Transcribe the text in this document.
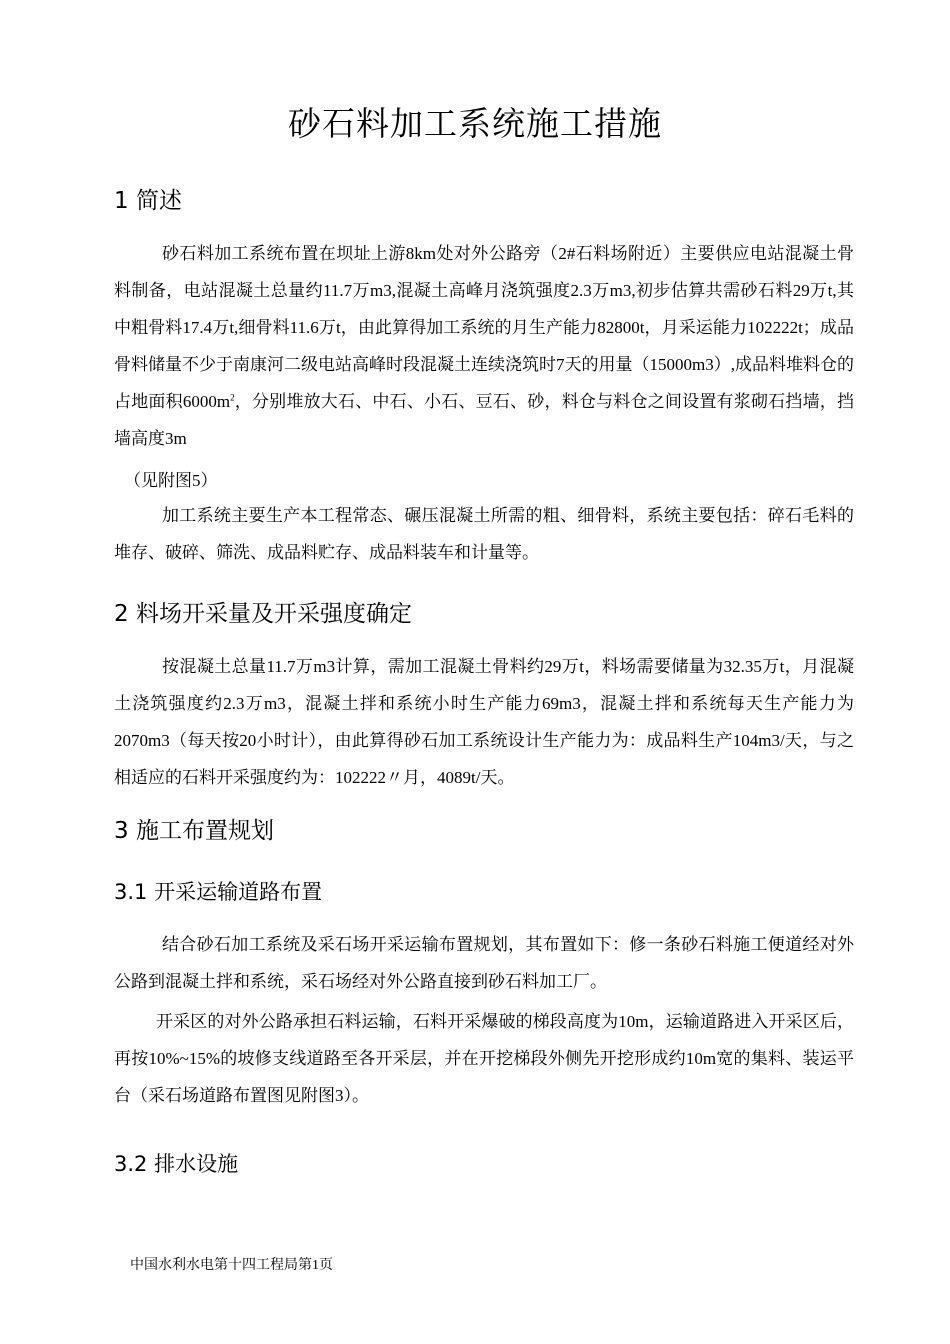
砂石料加工系统施工措施
1 简述

砂石料加工系统布置在坝址上游8km处对外公路旁（2#石料场附近）主要供应电站混凝土骨料制备，电站混凝土总量约11.7万m3,混凝土高峰月浇筑强度2.3万m3,初步估算共需砂石料29万t,其中粗骨料17.4万t,细骨料11.6万t，由此算得加工系统的月生产能力82800t，月采运能力102222t；成品骨料储量不少于南康河二级电站高峰时段混凝土连续浇筑时7天的用量（15000m3）,成品料堆料仓的占地面积$6000m^2$，分别堆放大石、中石、小石、豆石、砂，料仓与料仓之间设置有浆砌石挡墙，挡墙高度3m

（见附图5）

加工系统主要生产本工程常态、碾压混凝土所需的粗、细骨料，系统主要包括：碎石毛料的堆存、破碎、筛洗、成品料贮存、成品料装车和计量等。

2 料场开采量及开采强度确定

按混凝土总量11.7万m3计算，需加工混凝土骨料约29万t，料场需要储量为32.35万t，月混凝土浇筑强度约2.3万m3，混凝土拌和系统小时生产能力69m3，混凝土拌和系统每天生产能力为2070m3（每天按20小时计），由此算得砂石加工系统设计生产能力为：成品料生产104m3/天，与之相适应的石料开采强度约为：102222〃月，4089t/天。

3 施工布置规划
3.1 开采运输道路布置

结合砂石加工系统及采石场开采运输布置规划，其布置如下：修一条砂石料施工便道经对外公路到混凝土拌和系统，采石场经对外公路直接到砂石料加工厂。

开采区的对外公路承担石料运输，石料开采爆破的梯段高度为10m，运输道路进入开采区后，再按10%~15%的坡修支线道路至各开采层，并在开挖梯段外侧先开挖形成约10m宽的集料、装运平台（采石场道路布置图见附图3）。

3.2 排水设施
中国水利水电第十四工程局第1页
